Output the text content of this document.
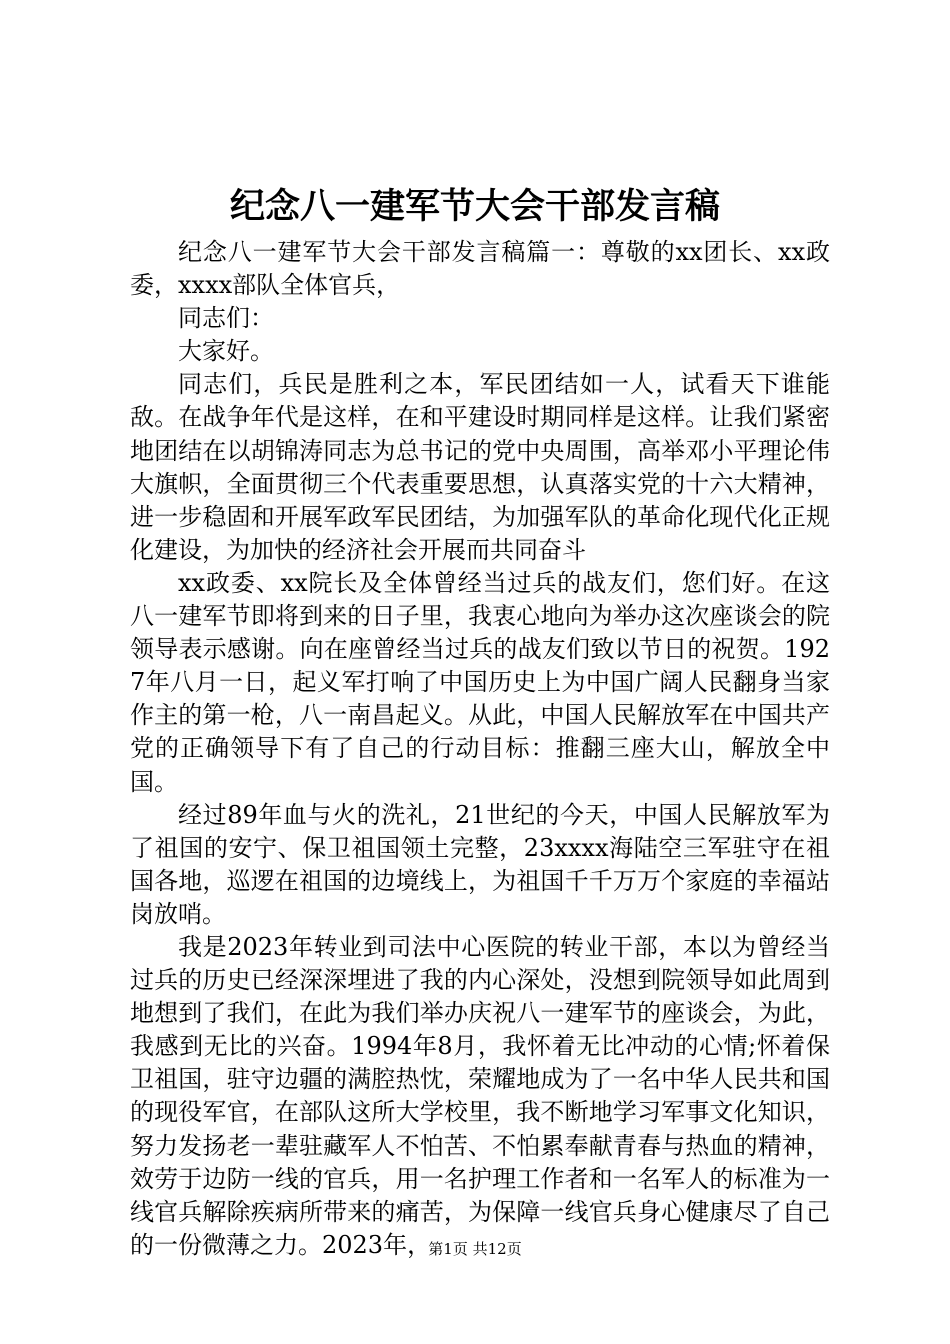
纪念八一建军节大会干部发言稿

纪念八一建军节大会干部发言稿篇一：尊敬的xx团长、xx政委，xxxx部队全体官兵，

同志们：

大家好。

同志们，兵民是胜利之本，军民团结如一人，试看天下谁能敌。在战争年代是这样，在和平建设时期同样是这样。让我们紧密地团结在以胡锦涛同志为总书记的党中央周围，高举邓小平理论伟大旗帜，全面贯彻三个代表重要思想，认真落实党的十六大精神，进一步稳固和开展军政军民团结，为加强军队的革命化现代化正规化建设，为加快的经济社会开展而共同奋斗

xx政委、xx院长及全体曾经当过兵的战友们，您们好。在这八一建军节即将到来的日子里，我衷心地向为举办这次座谈会的院领导表示感谢。向在座曾经当过兵的战友们致以节日的祝贺。1927年八月一日，起义军打响了中国历史上为中国广阔人民翻身当家作主的第一枪，八一南昌起义。从此，中国人民解放军在中国共产党的正确领导下有了自己的行动目标：推翻三座大山，解放全中国。

经过89年血与火的洗礼，21世纪的今天，中国人民解放军为了祖国的安宁、保卫祖国领土完整，23xxxx海陆空三军驻守在祖国各地，巡逻在祖国的边境线上，为祖国千千万万个家庭的幸福站岗放哨。

我是2023年转业到司法中心医院的转业干部，本以为曾经当过兵的历史已经深深埋进了我的内心深处，没想到院领导如此周到地想到了我们，在此为我们举办庆祝八一建军节的座谈会，为此，我感到无比的兴奋。1994年8月，我怀着无比冲动的心情;怀着保卫祖国，驻守边疆的满腔热忱，荣耀地成为了一名中华人民共和国的现役军官，在部队这所大学校里，我不断地学习军事文化知识，努力发扬老一辈驻藏军人不怕苦、不怕累奉献青春与热血的精神，效劳于边防一线的官兵，用一名护理工作者和一名军人的标准为一线官兵解除疾病所带来的痛苦，为保障一线官兵身心健康尽了自己的一份微薄之力。2023年，

第1页 共12页
